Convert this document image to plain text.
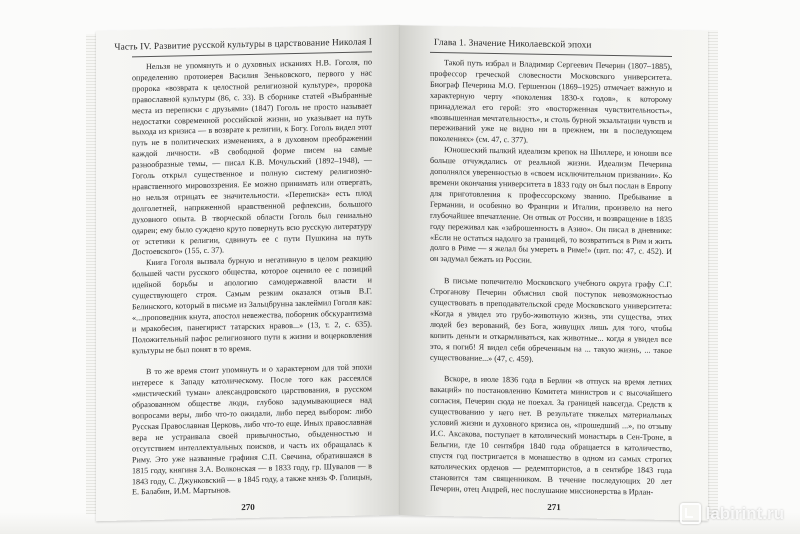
Часть IV. Развитие русской культуры в царствование Николая I

Нельзя не упомянуть и о духовных исканиях Н.В. Гоголя, по определению протоиерея Василия Зеньковского, первого у нас пророка «возврата к целостной религиозной культуре», пророка православной культуры (86, с. 33). В сборнике статей «Выбранные места из переписки с друзьями» (1847) Гоголь не просто называет недостатки современной российской жизни, но указывает на путь выхода из кризиса — в возврате к религии, к Богу. Гоголь видел этот путь не в политических изменениях, а в духовном преображении каждой личности. «В свободной форме писем на самые разнообразные темы, — писал К.В. Мочульский (1892–1948), — Гоголь открыл существенное и полную систему религиозно-нравственного мировоззрения. Ее можно принимать или отвергать, но нельзя отрицать ее значительности. «Переписка» есть плод долголетней, напряженной нравственной рефлексии, большого духовного опыта. В творческой области Гоголь был гениально одарен; ему было суждено круто повернуть всю русскую литературу от эстетики к религии, сдвинуть ее с пути Пушкина на путь Достоевского» (155, с. 37).

Книга Гоголя вызвала бурную и негативную в целом реакцию большей части русского общества, которое оценило ее с позиций идейной борьбы и апологию самодержавной власти и существующего строя. Самым резким оказался отзыв В.Г. Белинского, который в письме из Зальцбрунна заклеймил Гоголя как: «...проповедник кнута, апостол невежества, поборник обскурантизма и мракобесия, панегирист татарских нравов...» (13, т. 2, с. 635). Положительный пафос религиозного пути к жизни и воцерковления культуры не был понят в то время.

В то же время стоит упомянуть и о характерном для той эпохи интересе к Западу католическому. После того как рассеялся «мистический туман» александровского царствования, в русском образованном обществе люди, глубоко задумывающиеся над вопросами веры, либо что-то ожидали, либо перед выбором: либо Русская Православная Церковь, либо что-то еще. Иных православная вера не устраивала своей привычностью, обыденностью и отсутствием интеллектуальных поисков, и часть их обращалась к Риму. Это уже названные графиня С.П. Свечина, обратившаяся в 1815 году, княгиня З.А. Волконская — в 1833 году, гр. Шувалов — в 1843 году, С. Джунковский — в 1845 году, а также князь Ф. Голицын, Е. Балабин, И.М. Мартынов.

270
Глава 1. Значение Николаевской эпохи

Такой путь избрал и Владимир Сергеевич Печерин (1807–1885), профессор греческой словесности Московского университета. Биограф Печерина М.О. Гершензон (1869–1925) отмечает важную и характерную черту «поколения 1830-х годов», к которому принадлежал его герой: это «восторженная чувствительность», «возвышенная мечтательность», и столь бурной экзальтации чувств и переживаний уже не видно ни в прежнем, ни в последующем поколениях» (см. 47, с. 377).

Юношеский пылкий идеализм крепок на Шиллере, и юноши все больше отчуждались от реальной жизни. Идеализм Печерина дополнялся уверенностью в «своем исключительном призвании». Ко времени окончания университета в 1833 году он был послан в Европу для приготовления к профессорскому званию. Пребывание в Германии, и особенно во Франции и Италии, произвело на него глубочайшее впечатление. Он отвык от России, и возвращение в 1835 году переживал как «заброшенность в Азию». Он писал в дневнике: «Если не остаться надолго за границей, то возвратиться в Рим и жить долго в Риме — я желал бы умереть в Риме!» (цит. по: 47, с. 452). И он задумал бежать из России.

В письме попечителю Московского учебного округа графу С.Г. Строганову Печерин объяснил свой поступок невозможностью существовать в преподавательской среде Московского университета: «Когда я увидел это грубо-животную жизнь, эти существа, этих людей без верований, без Бога, живущих лишь для того, чтобы копить деньги и откармливаться, как животные... когда я увидел все это, я погиб! Я видел себя обреченным на ... такую жизнь, ... такое существование...» (47, с. 459).

Вскоре, в июле 1836 года в Берлин «в отпуск на время летних вакаций» по постановлению Комитета министров и с высочайшего согласия, Печерин сюда не поехал. За границей навсегда. Средств к существованию у него нет. В результате тяжелых материальных условий жизни и духовного кризиса он, «прошедший ...», по отзыву И.С. Аксакова, поступает в католический монастырь в Сен-Троне, в Бельгии, где 10 сентября 1840 года обращается в католичество, спустя год постригается в монашество в одном из самых строгих католических орденов — редемптористов, а в сентябре 1843 года становится там священником. В течение последующих 20 лет Печерин, отец Андрей, нес послушание миссионерства в Ирлан-

271	labirint.ru
